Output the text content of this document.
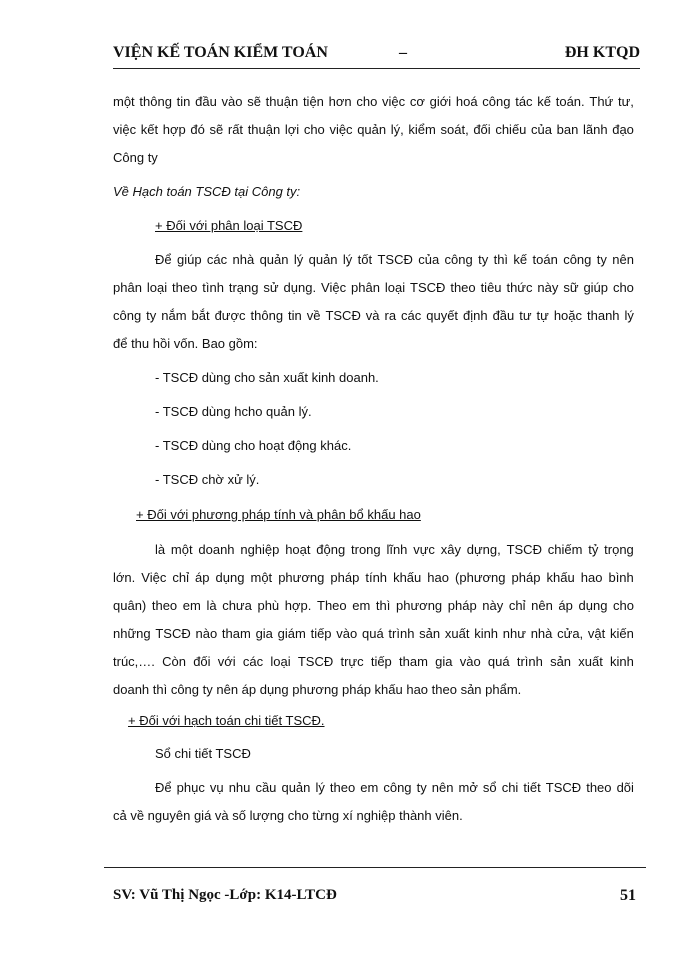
VIỆN KẾ TOÁN KIỂM TOÁN	–	ĐH KTQD
một thông tin đầu vào sẽ thuận tiện hơn cho việc cơ giới hoá công tác kế toán. Thứ tư,
việc kết hợp đó sẽ rất thuận lợi cho việc quản lý, kiểm soát, đối chiếu của ban lãnh đạo
Công ty
Về Hạch toán TSCĐ tại Công ty:
+ Đối với phân loại TSCĐ
Để giúp các nhà quản lý quản lý tốt TSCĐ của công ty thì kế toán công ty nên
phân loại theo tình trạng sử dụng. Việc phân loại TSCĐ theo tiêu thức này sữ giúp cho
công ty nắm bắt được thông tin về TSCĐ và ra các quyết định đầu tư tự hoặc thanh lý
để thu hồi vốn. Bao gồm:
- TSCĐ dùng cho sản xuất kinh doanh.
- TSCĐ dùng hcho quản lý.
- TSCĐ dùng cho hoạt động khác.
- TSCĐ chờ xử lý.
+ Đối với phương pháp tính và phân bổ khấu hao
là một doanh nghiệp hoạt động trong lĩnh vực xây dựng, TSCĐ chiếm tỷ trọng
lớn. Việc chỉ áp dụng một phương pháp tính khấu hao (phương pháp khấu hao bình
quân) theo em là chưa phù hợp. Theo em thì phương pháp này chỉ nên áp dụng cho
những TSCĐ nào tham gia giám tiếp vào quá trình sản xuất kinh như nhà cửa, vật kiến
trúc,…. Còn đối với các loại TSCĐ trực tiếp tham gia vào quá trình sản xuất kinh
doanh thì công ty nên áp dụng phương pháp khấu hao theo sản phẩm.
+ Đối với hạch toán chi tiết TSCĐ.
Sổ chi tiết TSCĐ
Để phục vụ nhu cầu quản lý theo em công ty nên mở sổ chi tiết TSCĐ theo dõi
cả về nguyên giá và số lượng cho từng xí nghiệp thành viên.
SV: Vũ Thị Ngọc -Lớp: K14-LTCĐ	51
